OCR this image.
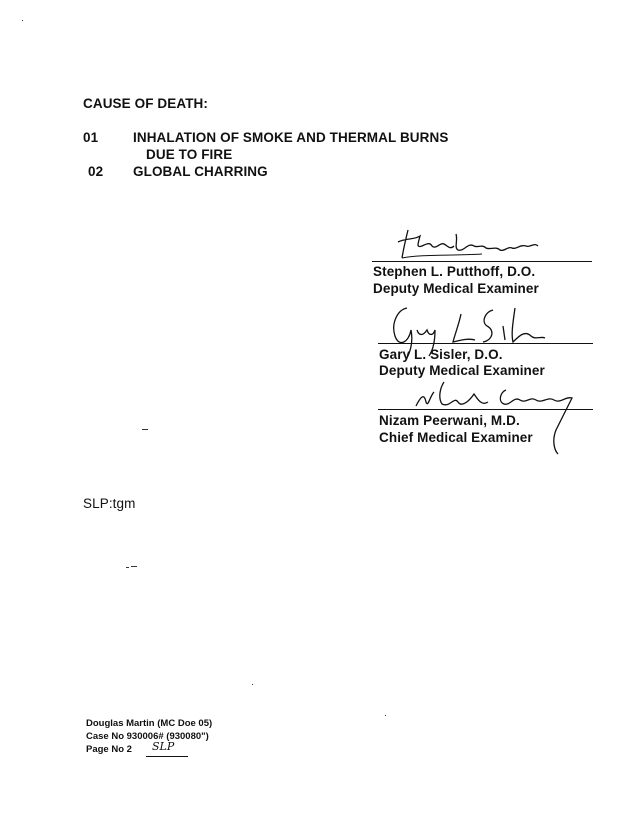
CAUSE OF DEATH:
01	INHALATION OF SMOKE AND THERMAL BURNS
DUE TO FIRE
02 GLOBAL CHARRING
Stephen L. Putthoff, D.O.
Deputy Medical Examiner
Gary L. Sisler, D.O.
Deputy Medical Examiner
Nizam Peerwani, M.D.
Chief Medical Examiner
SLP:tgm
Douglas Martin (MC Doe 05)
Case No 930006# (930080")
Page No 2 SLP
